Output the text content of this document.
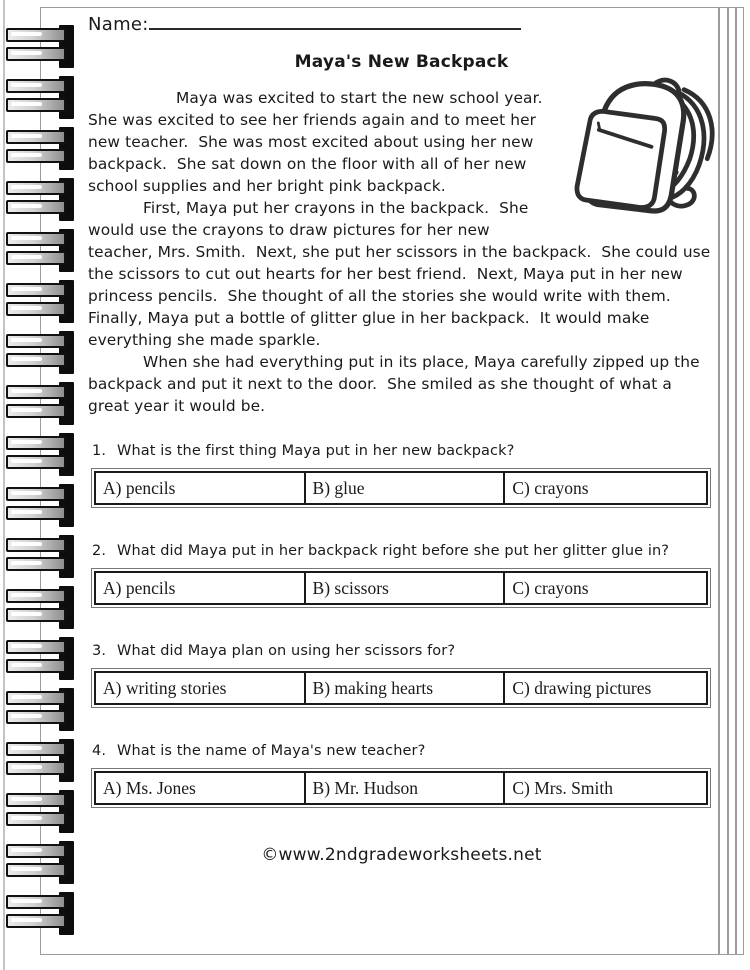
Name:
Maya's New Backpack

Maya was excited to start the new school year.  She was excited to see her friends again and to meet her new teacher.  She was most excited about using her new backpack.  She sat down on the floor with all of her new school supplies and her bright pink backpack.

First, Maya put her crayons in the backpack.  She would use the crayons to draw pictures for her new teacher, Mrs. Smith.  Next, she put her scissors in the backpack.  She could use the scissors to cut out hearts for her best friend.  Next, Maya put in her new princess pencils.  She thought of all the stories she would write with them.  Finally, Maya put a bottle of glitter glue in her backpack.  It would make everything she made sparkle.

When she had everything put in its place, Maya carefully zipped up the backpack and put it next to the door.  She smiled as she thought of what a great year it would be.

1. What is the first thing Maya put in her new backpack?
A) pencils	B) glue	C) crayons
2. What did Maya put in her backpack right before she put her glitter glue in?
A) pencils	B) scissors	C) crayons
3. What did Maya plan on using her scissors for?
A) writing stories	B) making hearts	C) drawing pictures
4. What is the name of Maya's new teacher?
A) Ms. Jones	B) Mr. Hudson	C) Mrs. Smith
©www.2ndgradeworksheets.net
